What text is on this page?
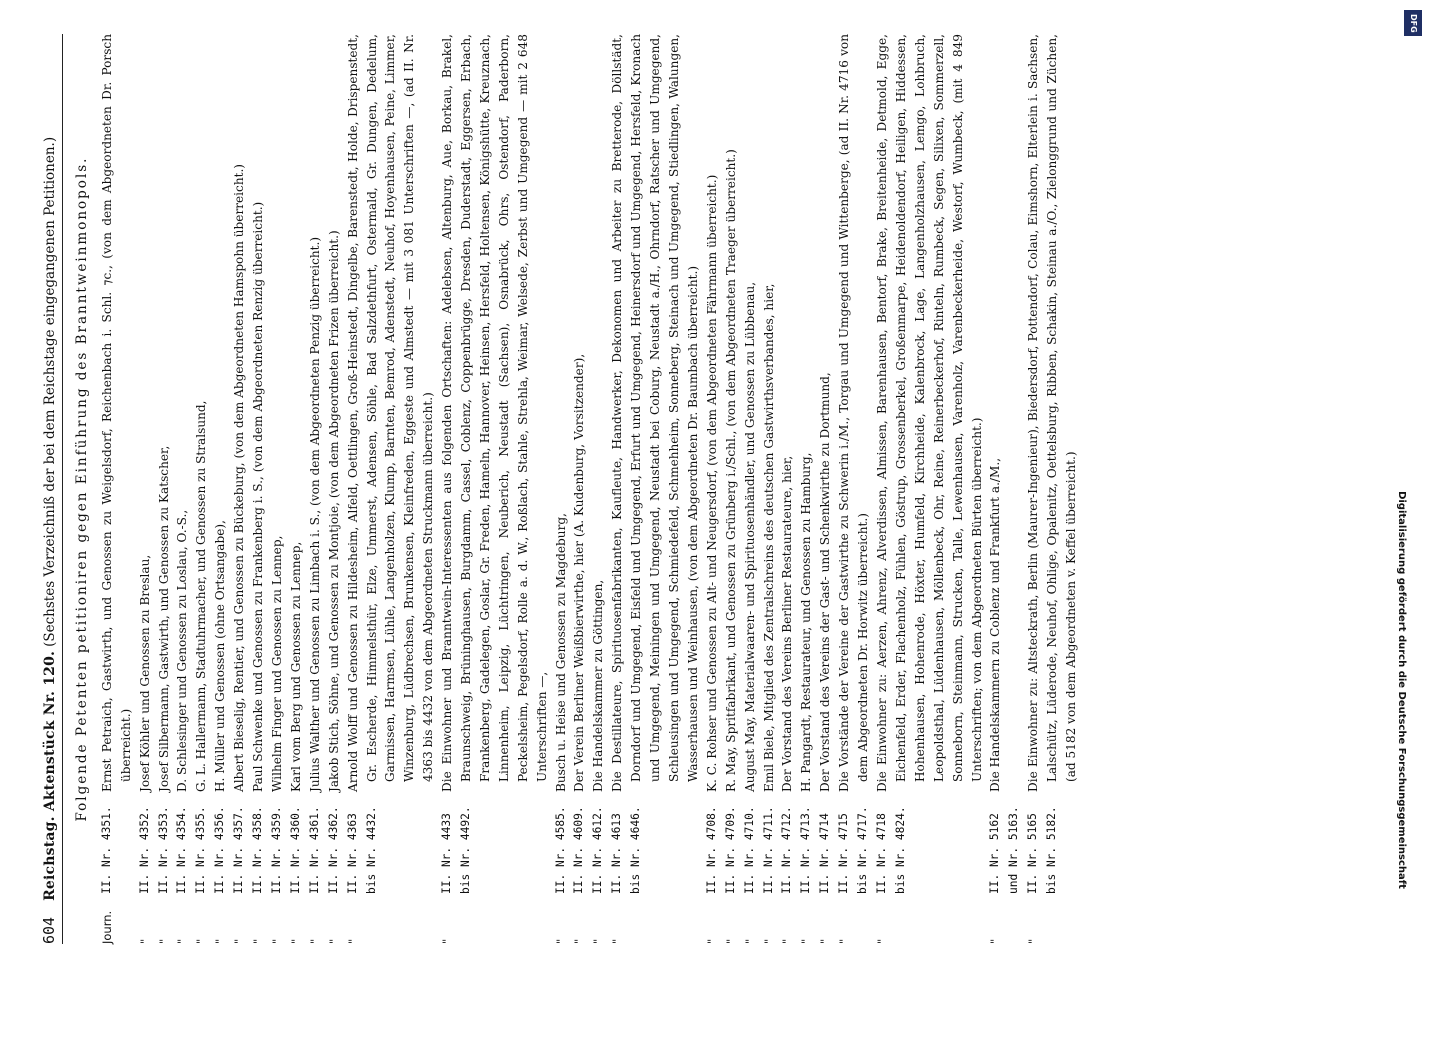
604
Reichstag. Aktenstück Nr. 120.
(Sechstes Verzeichniß der bei dem Reichstage eingegangenen Petitionen.) Folgende Petenten petitioniren gegen Einführung des Branntweinmonopols.
Journ.
II. Nr. 4351.
Ernst Petraich, Gastwirth, und Genossen zu Weigelsdorf, Reichenbach i. Schl. ⁊c., (von dem Abgeordneten Dr. Porsch überreicht.)
"
II. Nr. 4352.
Josef Köhler und Genossen zu Breslau,
"
II. Nr. 4353.
Josef Silbermann, Gastwirth, und Genossen zu Katscher,
"
II. Nr. 4354.
D. Schlesinger und Genossen zu Loslau, O.-S.,
"
II. Nr. 4355.
G. L. Hallermann, Stadtuhrmacher, und Genossen zu Stralsund,
"
II. Nr. 4356.
H. Müller und Genossen (ohne Ortsangabe),
"
II. Nr. 4357.
Albert Bieselig, Rentier, und Genossen zu Bückeburg, (von dem Abgeordneten Hamspohn überreicht.)
"
II. Nr. 4358.
Paul Schwenke und Genossen zu Frankenberg i. S., (von dem Abgeordneten Renzig überreicht.)
"
II. Nr. 4359.
Wilhelm Finger und Genossen zu Lennep,
"
II. Nr. 4360.
Karl vom Berg und Genossen zu Lennep,
"
II. Nr. 4361.
Julius Walther und Genossen zu Limbach i. S., (von dem Abgeordneten Penzig überreicht.)
"
II. Nr. 4362.
Jakob Stich, Söhne, und Genossen zu Montjoie, (von dem Abgeordneten Frizen überreicht.)
"
II. Nr. 4363
bis Nr. 4432.
Arnold Wolff und Genossen zu Hildesheim, Alfeld, Oettlingen, Groß-Heinstedt, Dingelbe, Barenstedt, Holde, Drispenstedt, Gr. Escherde, Himmelsthür, Elze, Ummerst, Adensen, Söhle, Bad Salzdethfurt, Ostermald, Gr. Dungen, Dedelum, Garmissen, Harmsen, Lühle, Langenholzen, Klump, Barnten, Bemrod, Adenstedt, Neuhof, Hoyenhausen, Peine, Limmer, Winzenburg, Lüdbrechsen, Brunkensen, Kleinfreden, Eggeste und Almstedt — mit 3 081 Unterschriften —, (ad II. Nr. 4363 bis 4432 von dem Abgeordneten Struckmann überreicht.)
"
II. Nr. 4433
bis Nr. 4492.
Die Einwohner und Branntwein-Interessenten aus folgenden Ortschaften: Adelebsen, Altenburg, Aue, Borkau, Brakel, Braunschweig, Brüninghausen, Burgdamm, Cassel, Coblenz, Coppenbrügge, Dresden, Duderstadt, Eggersen, Erbach, Frankenberg, Gadelegen, Goslar, Gr. Freden, Hameln, Hannover, Heinsen, Hersfeld, Holtensen, Königshütte, Kreuznach, Linnenheim, Leipzig, Lüchtringen, Neuberich, Neustadt (Sachsen), Osnabrück, Ohrs, Ostendorf, Paderborn, Peckelsheim, Pegelsdorf, Rolle a. d. W., Roßlach, Stahle, Strehla, Weimar, Welsede, Zerbst und Umgegend — mit 2 648 Unterschriften —,
"
II. Nr. 4585.
Busch u. Heise und Genossen zu Magdeburg,
"
II. Nr. 4609.
Der Verein Berliner Weißbierwirthe, hier (A. Kudenburg, Vorsitzender),
"
II. Nr. 4612.
Die Handelskammer zu Göttingen,
"
II. Nr. 4613
bis Nr. 4646.
Die Destillateure, Spirituosenfabrikanten, Kaufleute, Handwerker, Dekonomen und Arbeiter zu Bretterode, Döllstädt, Dorndorf und Umgegend, Eisfeld und Umgegend, Erfurt und Umgegend, Heinersdorf und Umgegend, Hersfeld, Kronach und Umgegend, Meiningen und Umgegend, Neustadt bei Coburg, Neustadt a./H., Ohrndorf, Ratscher und Umgegend, Schleusingen und Umgegend, Schmiedefeld, Schmehheim, Sonneberg, Steinach und Umgegend, Stiedlingen, Walungen, Wasserhausen und Weinhausen, (von dem Abgeordneten Dr. Baumbach überreicht.)
"
II. Nr. 4708.
K. C. Rohser und Genossen zu Alt- und Neugersdorf, (von dem Abgeordneten Fährmann überreicht.)
"
II. Nr. 4709.
R. May, Spritfabrikant, und Genossen zu Grünberg i./Schl., (von dem Abgeordneten Traeger überreicht.)
"
II. Nr. 4710.
August May, Materialwaaren- und Spirituosenhändler, und Genossen zu Lübbenau,
"
II. Nr. 4711.
Emil Biele, Mitglied des Zentralschreins des deutschen Gastwirthsverbandes, hier,
"
II. Nr. 4712.
Der Vorstand des Vereins Berliner Restaurateure, hier,
"
II. Nr. 4713.
H. Pangardt, Restaurateur, und Genossen zu Hamburg,
"
II. Nr. 4714
Der Vorstand des Vereins der Gast- und Schenkwirthe zu Dortmund,
"
II. Nr. 4715
bis Nr. 4717.
Die Vorstände der Vereine der Gastwirthe zu Schwerin i./M., Torgau und Umgegend und Wittenberge, (ad II. Nr. 4716 von dem Abgeordneten Dr. Horwitz überreicht.)
"
II. Nr. 4718
bis Nr. 4824.
Die Einwohner zu: Aerzen, Ahrenz, Alverdissen, Almissen, Barenhausen, Bentorf, Brake, Breitenheide, Detmold, Egge, Eichenfeld, Erder, Flachenholz, Fühlen, Göstrup, Grossenberkel, Großenmarpe, Heidenoldendorf, Heiligen, Hiddessen, Hohenhausen, Hohenrode, Höxter, Humfeld, Kirchheide, Kalenbrock, Lage, Langenholzhausen, Lemgo, Lohbruch, Leopoldsthal, Lüdenhausen, Möllenbeck, Ohr, Reine, Reinerbeckerhof, Rinteln, Rumbeck, Segen, Silixen, Sommerzell, Sonneborn, Steinmann, Strucken, Talle, Lewenhausen, Varenholz, Varenbeckerheide, Westorf, Wumbeck, (mit 4 849 Unterschriften; von dem Abgeordneten Bürten überreicht.)
"
II. Nr. 5162
und Nr. 5163.
Die Handelskammern zu Coblenz und Frankfurt a./M.,
"
II. Nr. 5165
bis Nr. 5182.
Die Einwohner zu: Altsteckrath, Berlin (Maurer-Ingenieur), Biedersdorf, Pottendorf, Colau, Eimshorn, Elterlein i. Sachsen, Lalschütz, Lüderode, Neuhof, Ohlige, Opalenitz, Oettelsburg, Ribben, Schakin, Steinau a./O., Zielonggrund und Züchen, (ad 5182 von dem Abgeordneten v. Keffel überreicht.)
DFG
Digitalisierung gefördert durch die Deutsche Forschungsgemeinschaft
